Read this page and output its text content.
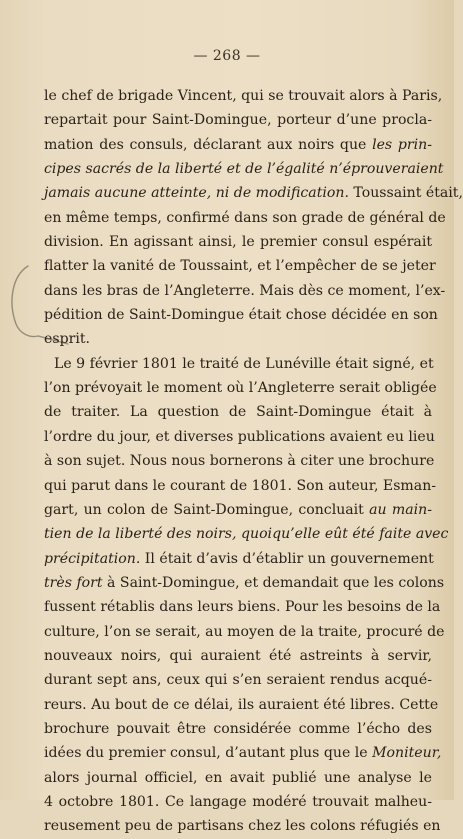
— 268 —
le chef de brigade Vincent, qui se trouvait alors à Paris,
repartait pour Saint-Domingue, porteur d’une procla-
mation des consuls, déclarant aux noirs que les prin-
cipes sacrés de la liberté et de l’égalité n’éprouveraient
jamais aucune atteinte, ni de modification. Toussaint était,
en même temps, confirmé dans son grade de général de
division. En agissant ainsi, le premier consul espérait
flatter la vanité de Toussaint, et l’empêcher de se jeter
dans les bras de l’Angleterre. Mais dès ce moment, l’ex-
pédition de Saint-Domingue était chose décidée en son
esprit.
Le 9 février 1801 le traité de Lunéville était signé, et
l’on prévoyait le moment où l’Angleterre serait obligée
de traiter. La question de Saint-Domingue était à
l’ordre du jour, et diverses publications avaient eu lieu
à son sujet. Nous nous bornerons à citer une brochure
qui parut dans le courant de 1801. Son auteur, Esman-
gart, un colon de Saint-Domingue, concluait au main-
tien de la liberté des noirs, quoiqu’elle eût été faite avec
précipitation. Il était d’avis d’établir un gouvernement
très fort à Saint-Domingue, et demandait que les colons
fussent rétablis dans leurs biens. Pour les besoins de la
culture, l’on se serait, au moyen de la traite, procuré de
nouveaux noirs, qui auraient été astreints à servir,
durant sept ans, ceux qui s’en seraient rendus acqué-
reurs. Au bout de ce délai, ils auraient été libres. Cette
brochure pouvait être considérée comme l’écho des
idées du premier consul, d’autant plus que le Moniteur,
alors journal officiel, en avait publié une analyse le
4 octobre 1801. Ce langage modéré trouvait malheu-
reusement peu de partisans chez les colons réfugiés en
